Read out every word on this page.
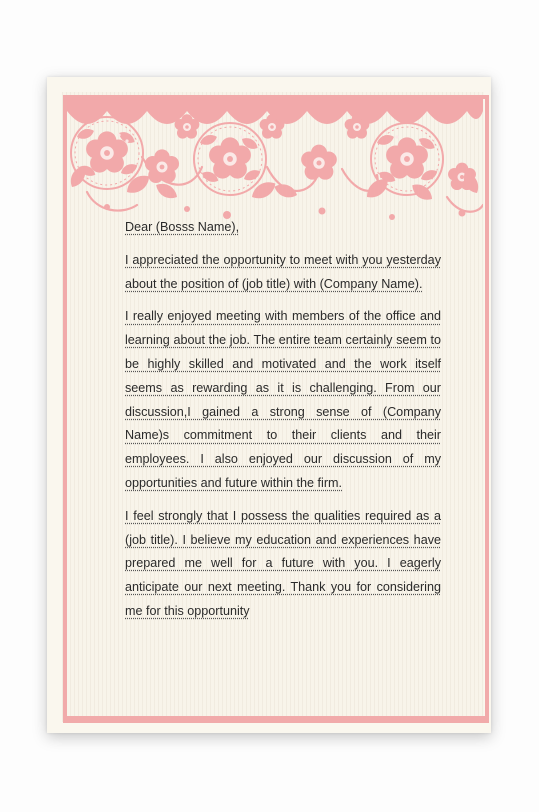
Dear (Bosss Name),

I appreciated the opportunity to meet with you yesterday about the position of (job title) with (Company Name).

I really enjoyed meeting with members of the office and learning about the job. The entire team certainly seem to be highly skilled and motivated and the work itself seems as rewarding as it is challenging. From our discussion,I gained a strong sense of (Company Name)s commitment to their clients and their employees. I also enjoyed our discussion of my opportunities and future within the firm.

I feel strongly that I possess the qualities required as a (job title). I believe my education and experiences have prepared me well for a future with you. I eagerly anticipate our next meeting. Thank you for considering me for this opportunity
